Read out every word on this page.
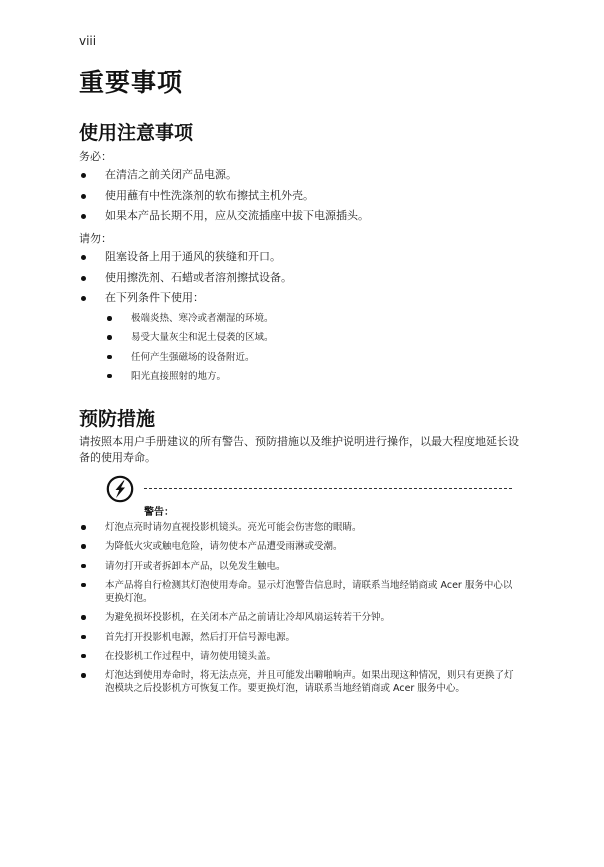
viii
重要事项
使用注意事项
务必：
在清洁之前关闭产品电源。
使用蘸有中性洗涤剂的软布擦拭主机外壳。
如果本产品长期不用，应从交流插座中拔下电源插头。
请勿：
阻塞设备上用于通风的狭缝和开口。
使用擦洗剂、石蜡或者溶剂擦拭设备。
在下列条件下使用：
极端炎热、寒冷或者潮湿的环境。
易受大量灰尘和泥土侵袭的区域。
任何产生强磁场的设备附近。
阳光直接照射的地方。
预防措施

请按照本用户手册建议的所有警告、预防措施以及维护说明进行操作，以最大程度地延长设备的使用寿命。

警告：
灯泡点亮时请勿直视投影机镜头。亮光可能会伤害您的眼睛。
为降低火灾或触电危险，请勿使本产品遭受雨淋或受潮。
请勿打开或者拆卸本产品，以免发生触电。
本产品将自行检测其灯泡使用寿命。显示灯泡警告信息时，请联系当地经销商或 Acer 服务中心以更换灯泡。
为避免损坏投影机，在关闭本产品之前请让冷却风扇运转若干分钟。
首先打开投影机电源，然后打开信号源电源。
在投影机工作过程中，请勿使用镜头盖。
灯泡达到使用寿命时，将无法点亮，并且可能发出噼啪响声。如果出现这种情况，则只有更换了灯泡模块之后投影机方可恢复工作。要更换灯泡，请联系当地经销商或 Acer 服务中心。
